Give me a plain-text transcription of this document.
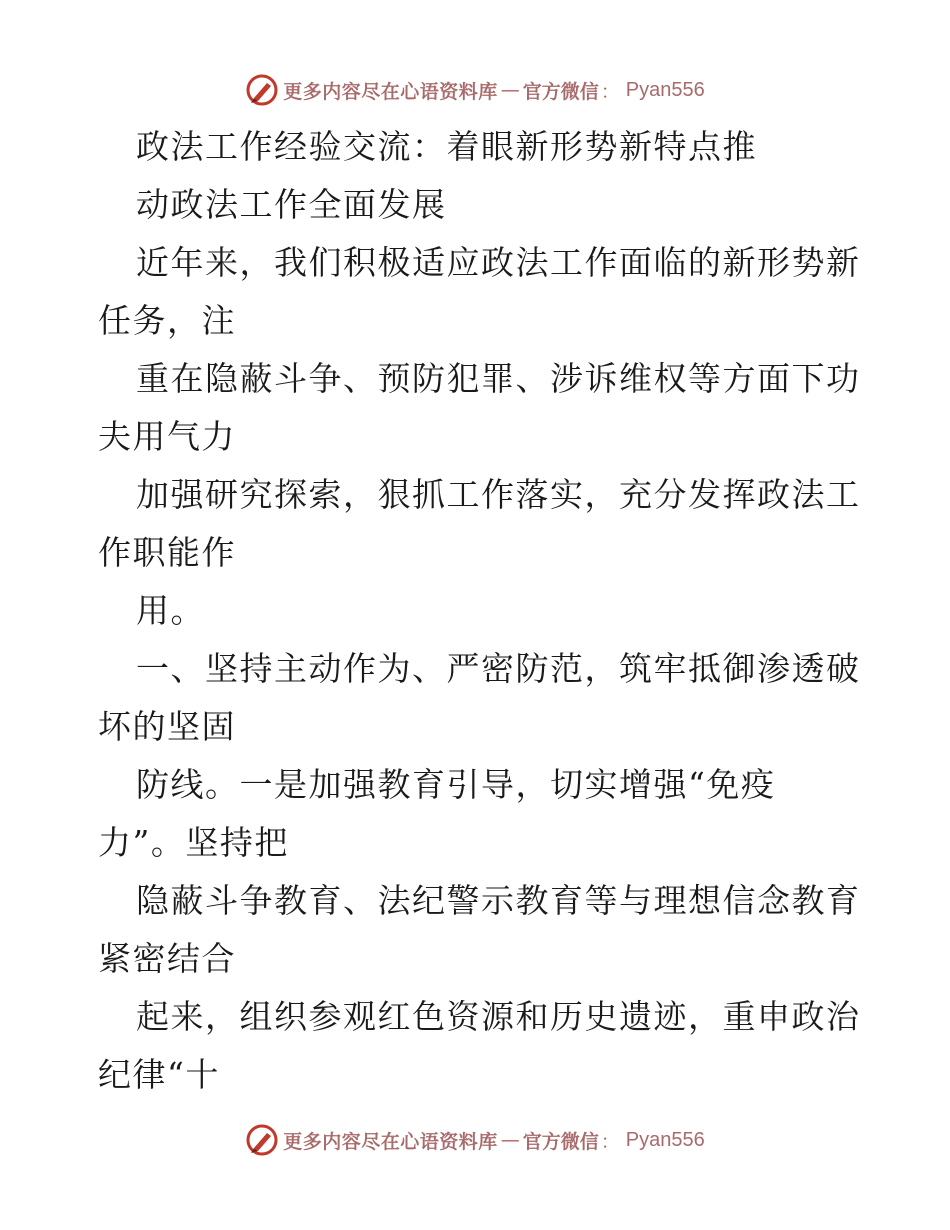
更多内容尽在心语资料库 — 官方微信 ： Pyan556
政法工作经验交流：着眼新形势新特点推
动政法工作全面发展
近年来，我们积极适应政法工作面临的新形势新
任务，注
重在隐蔽斗争、预防犯罪、涉诉维权等方面下功
夫用气力
加强研究探索，狠抓工作落实，充分发挥政法工
作职能作
用。
一、坚持主动作为、严密防范，筑牢抵御渗透破
坏的坚固
防线。一是加强教育引导，切实增强“免疫
力”。坚持把
隐蔽斗争教育、法纪警示教育等与理想信念教育
紧密结合
起来，组织参观红色资源和历史遗迹，重申政治
纪律“十
更多内容尽在心语资料库 — 官方微信 ： Pyan556
